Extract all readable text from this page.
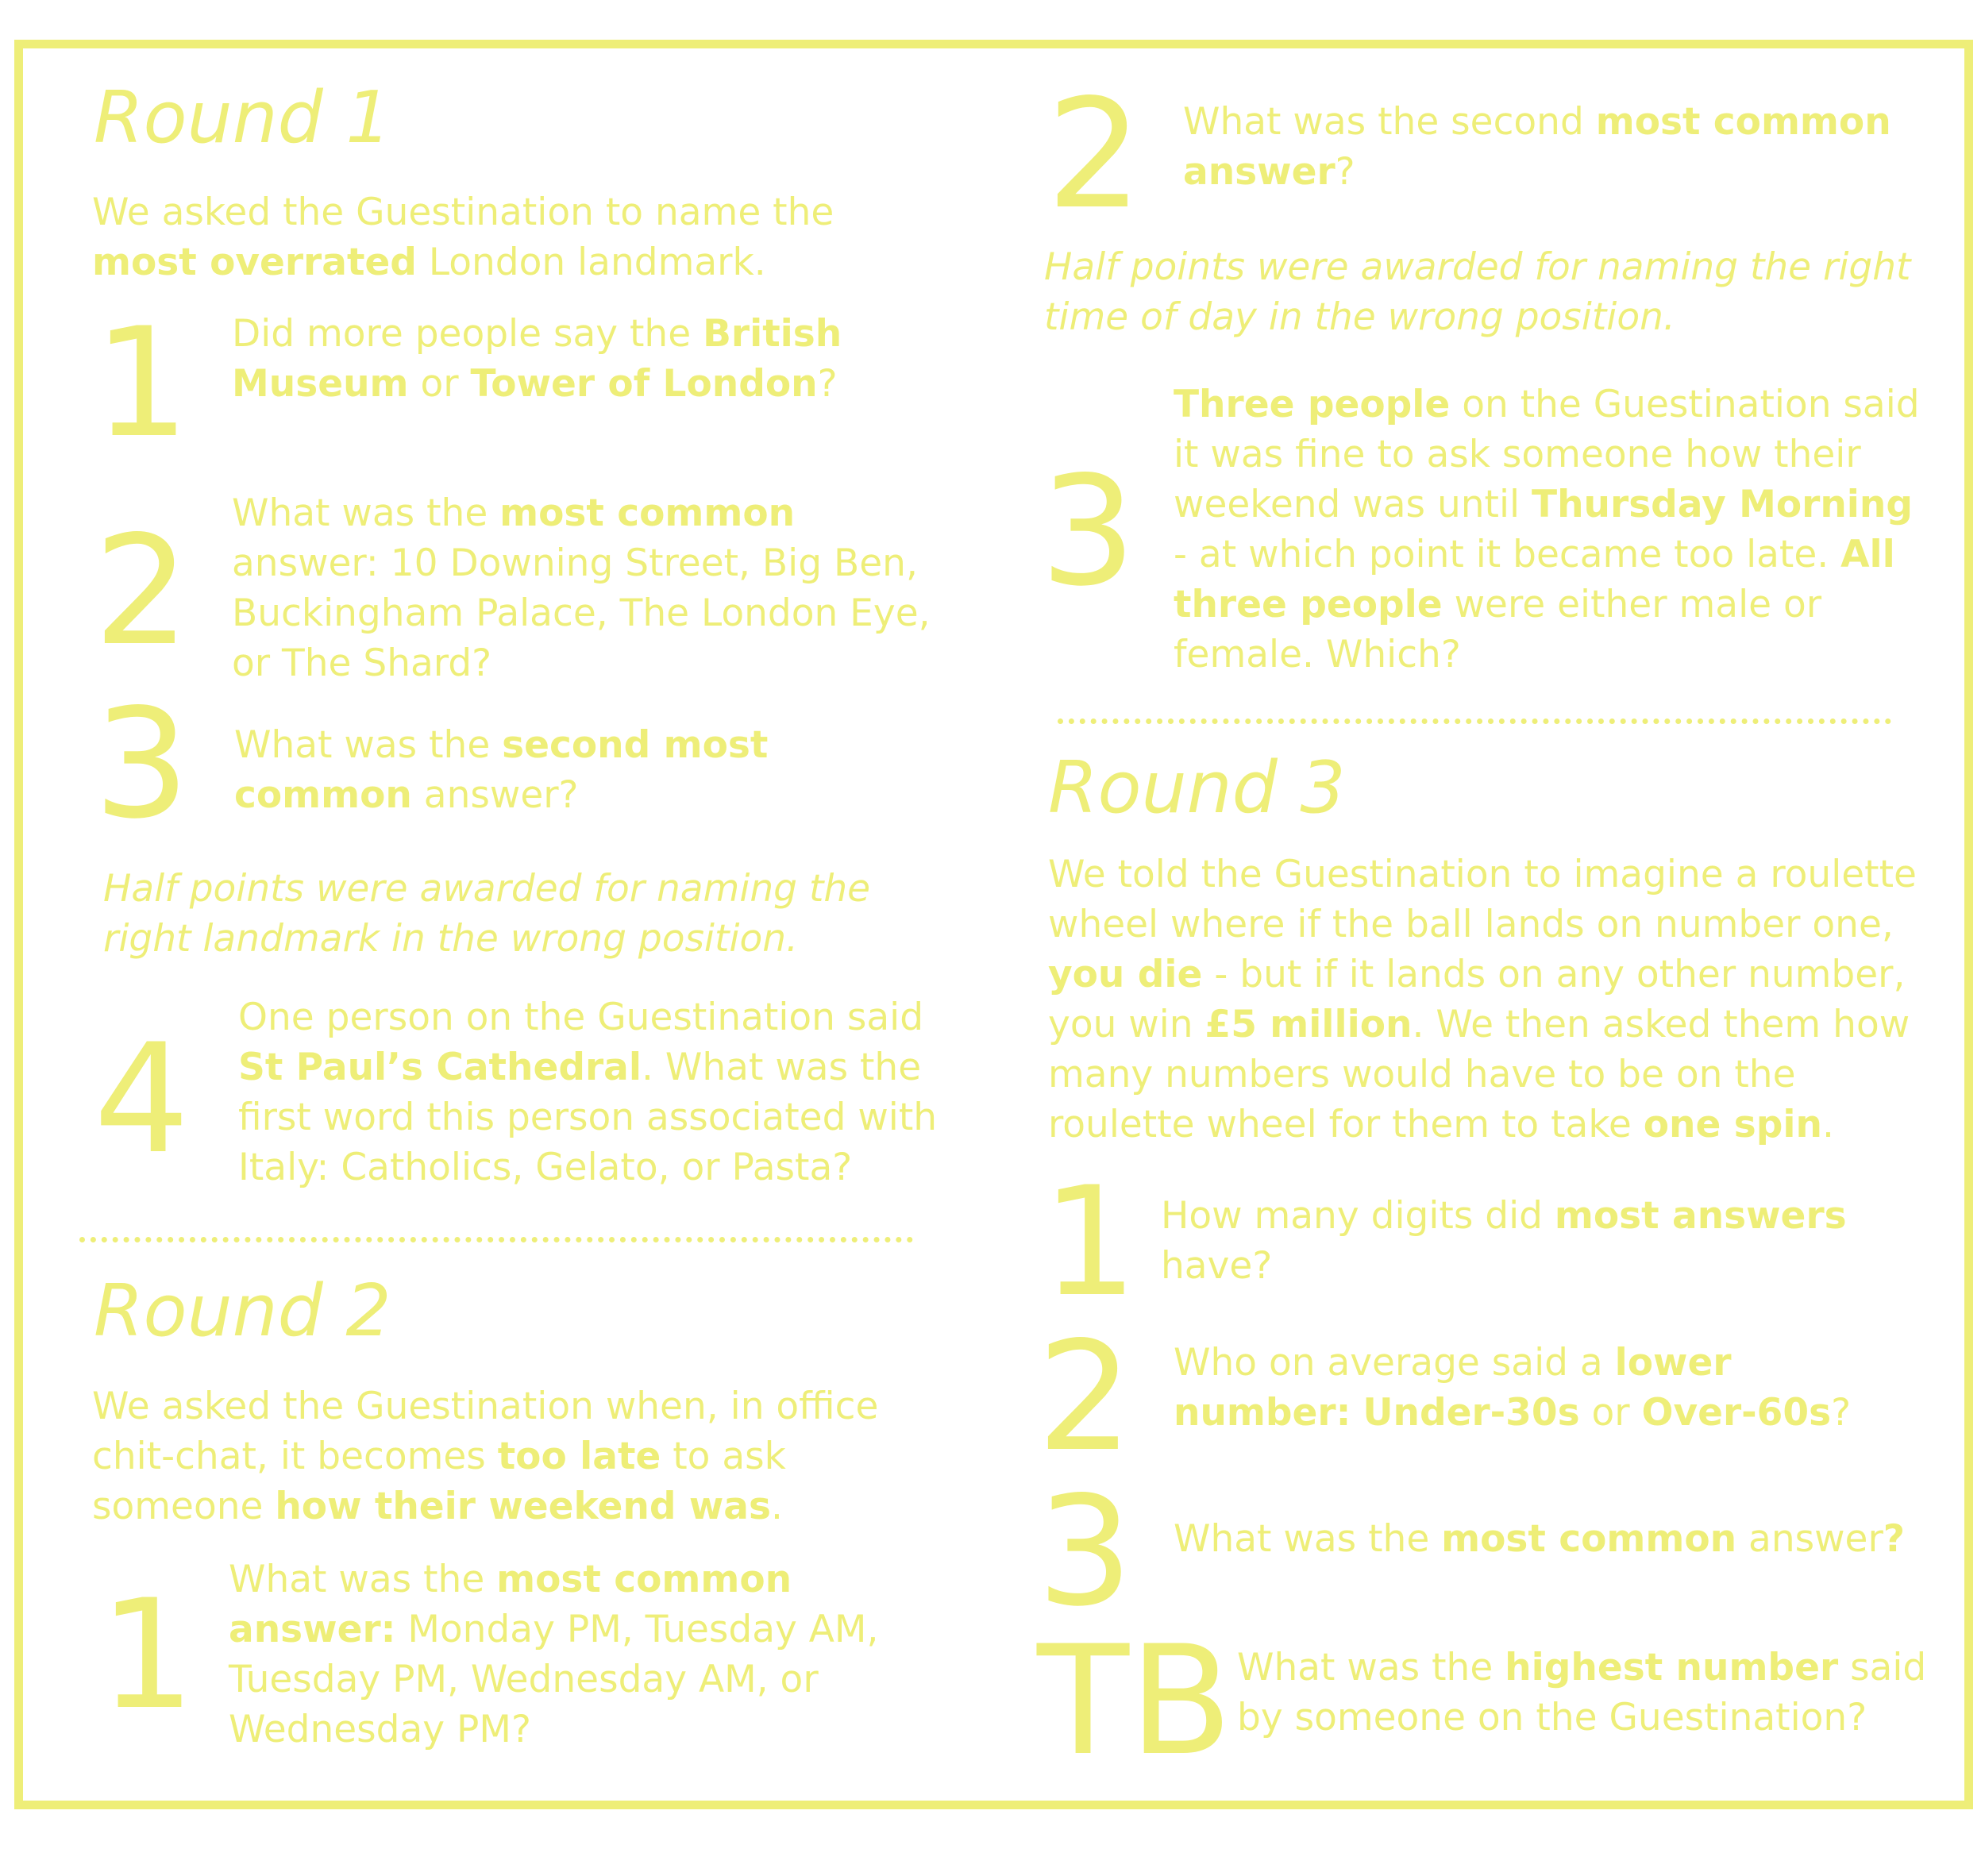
Round 1
We asked the Guestination to name the most overrated London landmark.
1 Did more people say the British Museum or Tower of London?
2 What was the most common answer: 10 Downing Street, Big Ben, Buckingham Palace, The London Eye, or The Shard?
3 What was the second most common answer?
Half points were awarded for naming the right landmark in the wrong position.
4 One person on the Guestination said St Paul’s Cathedral. What was the first word this person associated with Italy: Catholics, Gelato, or Pasta?
Round 2
We asked the Guestination when, in office chit-chat, it becomes too late to ask someone how their weekend was.
1 What was the most common answer: Monday PM, Tuesday AM, Tuesday PM, Wednesday AM, or Wednesday PM?
2 What was the second most common answer?
Half points were awarded for naming the right time of day in the wrong position.
3
Three people on the Guestination said it was fine to ask someone how their weekend was until Thursday Morning - at which point it became too late. All three people were either male or female. Which?
Round 3
We told the Guestination to imagine a roulette wheel where if the ball lands on number one, you die - but if it lands on any other number, you win £5 million. We then asked them how many numbers would have to be on the roulette wheel for them to take one spin.
1 How many digits did most answers have?
2 Who on average said a lower number: Under-30s or Over-60s?
3 What was the most common answer?
TB What was the highest number said by someone on the Guestination?
